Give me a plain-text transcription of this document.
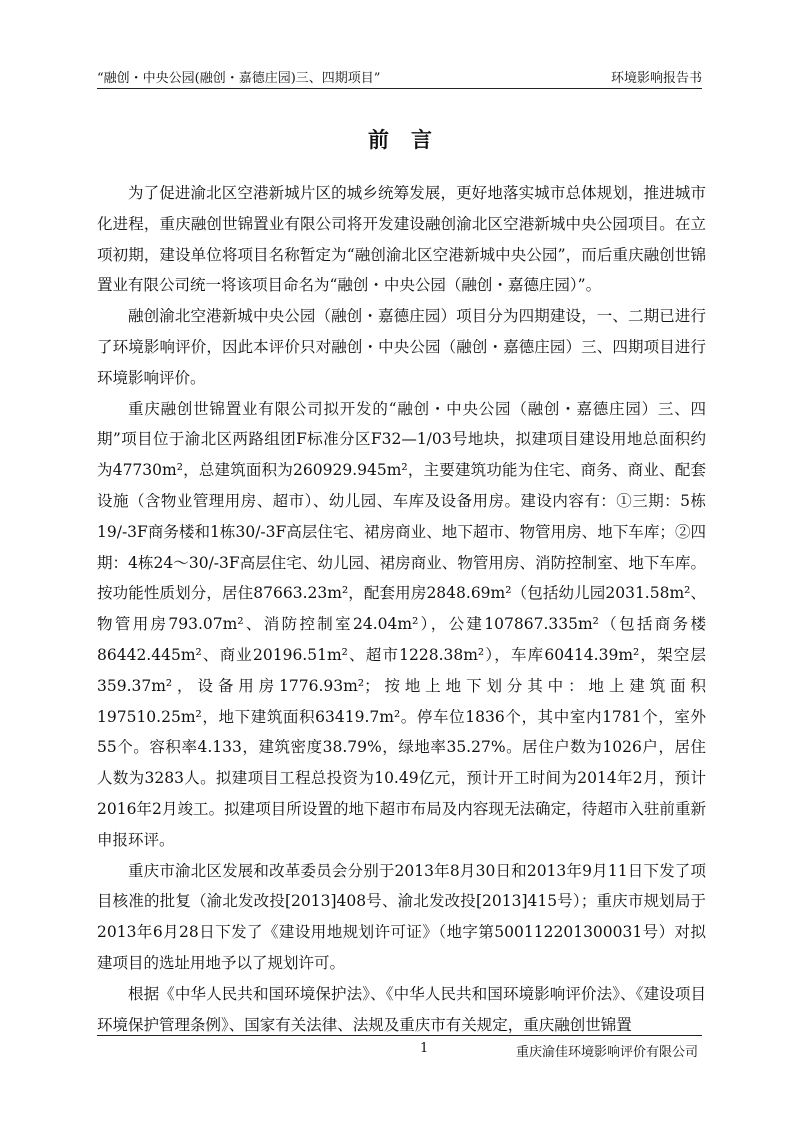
“融创・中央公园(融创・嘉德庄园)三、四期项目”	环境影响报告书
前言

为了促进渝北区空港新城片区的城乡统筹发展，更好地落实城市总体规划，推进城市化进程，重庆融创世锦置业有限公司将开发建设融创渝北区空港新城中央公园项目。在立项初期，建设单位将项目名称暂定为“融创渝北区空港新城中央公园”，而后重庆融创世锦置业有限公司统一将该项目命名为“融创・中央公园（融创・嘉德庄园）”。

融创渝北空港新城中央公园（融创・嘉德庄园）项目分为四期建设，一、二期已进行了环境影响评价，因此本评价只对融创・中央公园（融创・嘉德庄园）三、四期项目进行环境影响评价。

重庆融创世锦置业有限公司拟开发的“融创・中央公园（融创・嘉德庄园）三、四期”项目位于渝北区两路组团F标准分区F32—1/03号地块，拟建项目建设用地总面积约为47730m²，总建筑面积为260929.945m²，主要建筑功能为住宅、商务、商业、配套设施（含物业管理用房、超市）、幼儿园、车库及设备用房。建设内容有：①三期：5栋19/-3F商务楼和1栋30/-3F高层住宅、裙房商业、地下超市、物管用房、地下车库；②四期：4栋24～30/-3F高层住宅、幼儿园、裙房商业、物管用房、消防控制室、地下车库。按功能性质划分，居住87663.23m²，配套用房2848.69m²（包括幼儿园2031.58m²、物管用房793.07m²、消防控制室24.04m²），公建107867.335m²（包括商务楼86442.445m²、商业20196.51m²、超市1228.38m²），车库60414.39m²，架空层359.37m²，设备用房1776.93m²；按地上地下划分其中：地上建筑面积197510.25m²，地下建筑面积63419.7m²。停车位1836个，其中室内1781个，室外55个。容积率4.133，建筑密度38.79%，绿地率35.27%。居住户数为1026户，居住人数为3283人。拟建项目工程总投资为10.49亿元，预计开工时间为2014年2月，预计2016年2月竣工。拟建项目所设置的地下超市布局及内容现无法确定，待超市入驻前重新申报环评。

重庆市渝北区发展和改革委员会分别于2013年8月30日和2013年9月11日下发了项目核准的批复（渝北发改投[2013]408号、渝北发改投[2013]415号）；重庆市规划局于2013年6月28日下发了《建设用地规划许可证》（地字第500112201300031号）对拟建项目的选址用地予以了规划许可。

根据《中华人民共和国环境保护法》、《中华人民共和国环境影响评价法》、《建设项目环境保护管理条例》、国家有关法律、法规及重庆市有关规定，重庆融创世锦置

1	重庆渝佳环境影响评价有限公司
